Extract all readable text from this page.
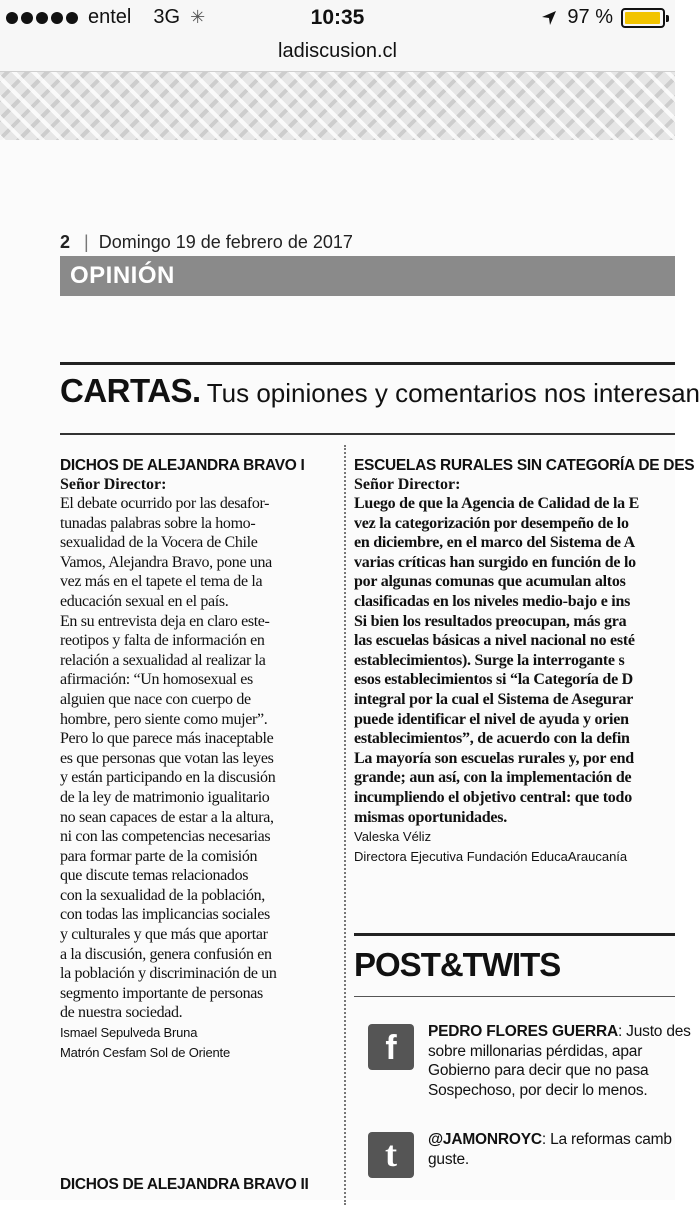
entel 3G ✳	10:35	97 %
ladiscusion.cl
2 | Domingo 19 de febrero de 2017
OPINIÓN
CARTAS. Tus opiniones y comentarios nos interesan
DICHOS DE ALEJANDRA BRAVO I
Señor Director:
El debate ocurrido por las desafor-
tunadas palabras sobre la homo-
sexualidad de la Vocera de Chile
Vamos, Alejandra Bravo, pone una
vez más en el tapete el tema de la
educación sexual en el país.
En su entrevista deja en claro este-
reotipos y falta de información en
relación a sexualidad al realizar la
afirmación: “Un homosexual es
alguien que nace con cuerpo de
hombre, pero siente como mujer”.
Pero lo que parece más inaceptable
es que personas que votan las leyes
y están participando en la discusión
de la ley de matrimonio igualitario
no sean capaces de estar a la altura,
ni con las competencias necesarias
para formar parte de la comisión
que discute temas relacionados
con la sexualidad de la población,
con todas las implicancias sociales
y culturales y que más que aportar
a la discusión, genera confusión en
la población y discriminación de un
segmento importante de personas
de nuestra sociedad.
Ismael Sepulveda Bruna
Matrón Cesfam Sol de Oriente
DICHOS DE ALEJANDRA BRAVO II
ESCUELAS RURALES SIN CATEGORÍA DE DES
Señor Director:
Luego de que la Agencia de Calidad de la E
vez la categorización por desempeño de lo
en diciembre, en el marco del Sistema de A
varias críticas han surgido en función de lo
por algunas comunas que acumulan altos
clasificadas en los niveles medio-bajo e ins
Si bien los resultados preocupan, más gra
las escuelas básicas a nivel nacional no esté
establecimientos). Surge la interrogante s
esos establecimientos si “la Categoría de D
integral por la cual el Sistema de Asegurar
puede identificar el nivel de ayuda y orien
establecimientos”, de acuerdo con la defin
La mayoría son escuelas rurales y, por end
grande; aun así, con la implementación de
incumpliendo el objetivo central: que todo
mismas oportunidades.
Valeska Véliz
Directora Ejecutiva Fundación EducaAraucanía
POST&TWITS
f	PEDRO FLORES GUERRA: Justo des
sobre millonarias pérdidas, apar
Gobierno para decir que no pasa
Sospechoso, por decir lo menos.
t	@JAMONROYC: La reformas camb
guste.
